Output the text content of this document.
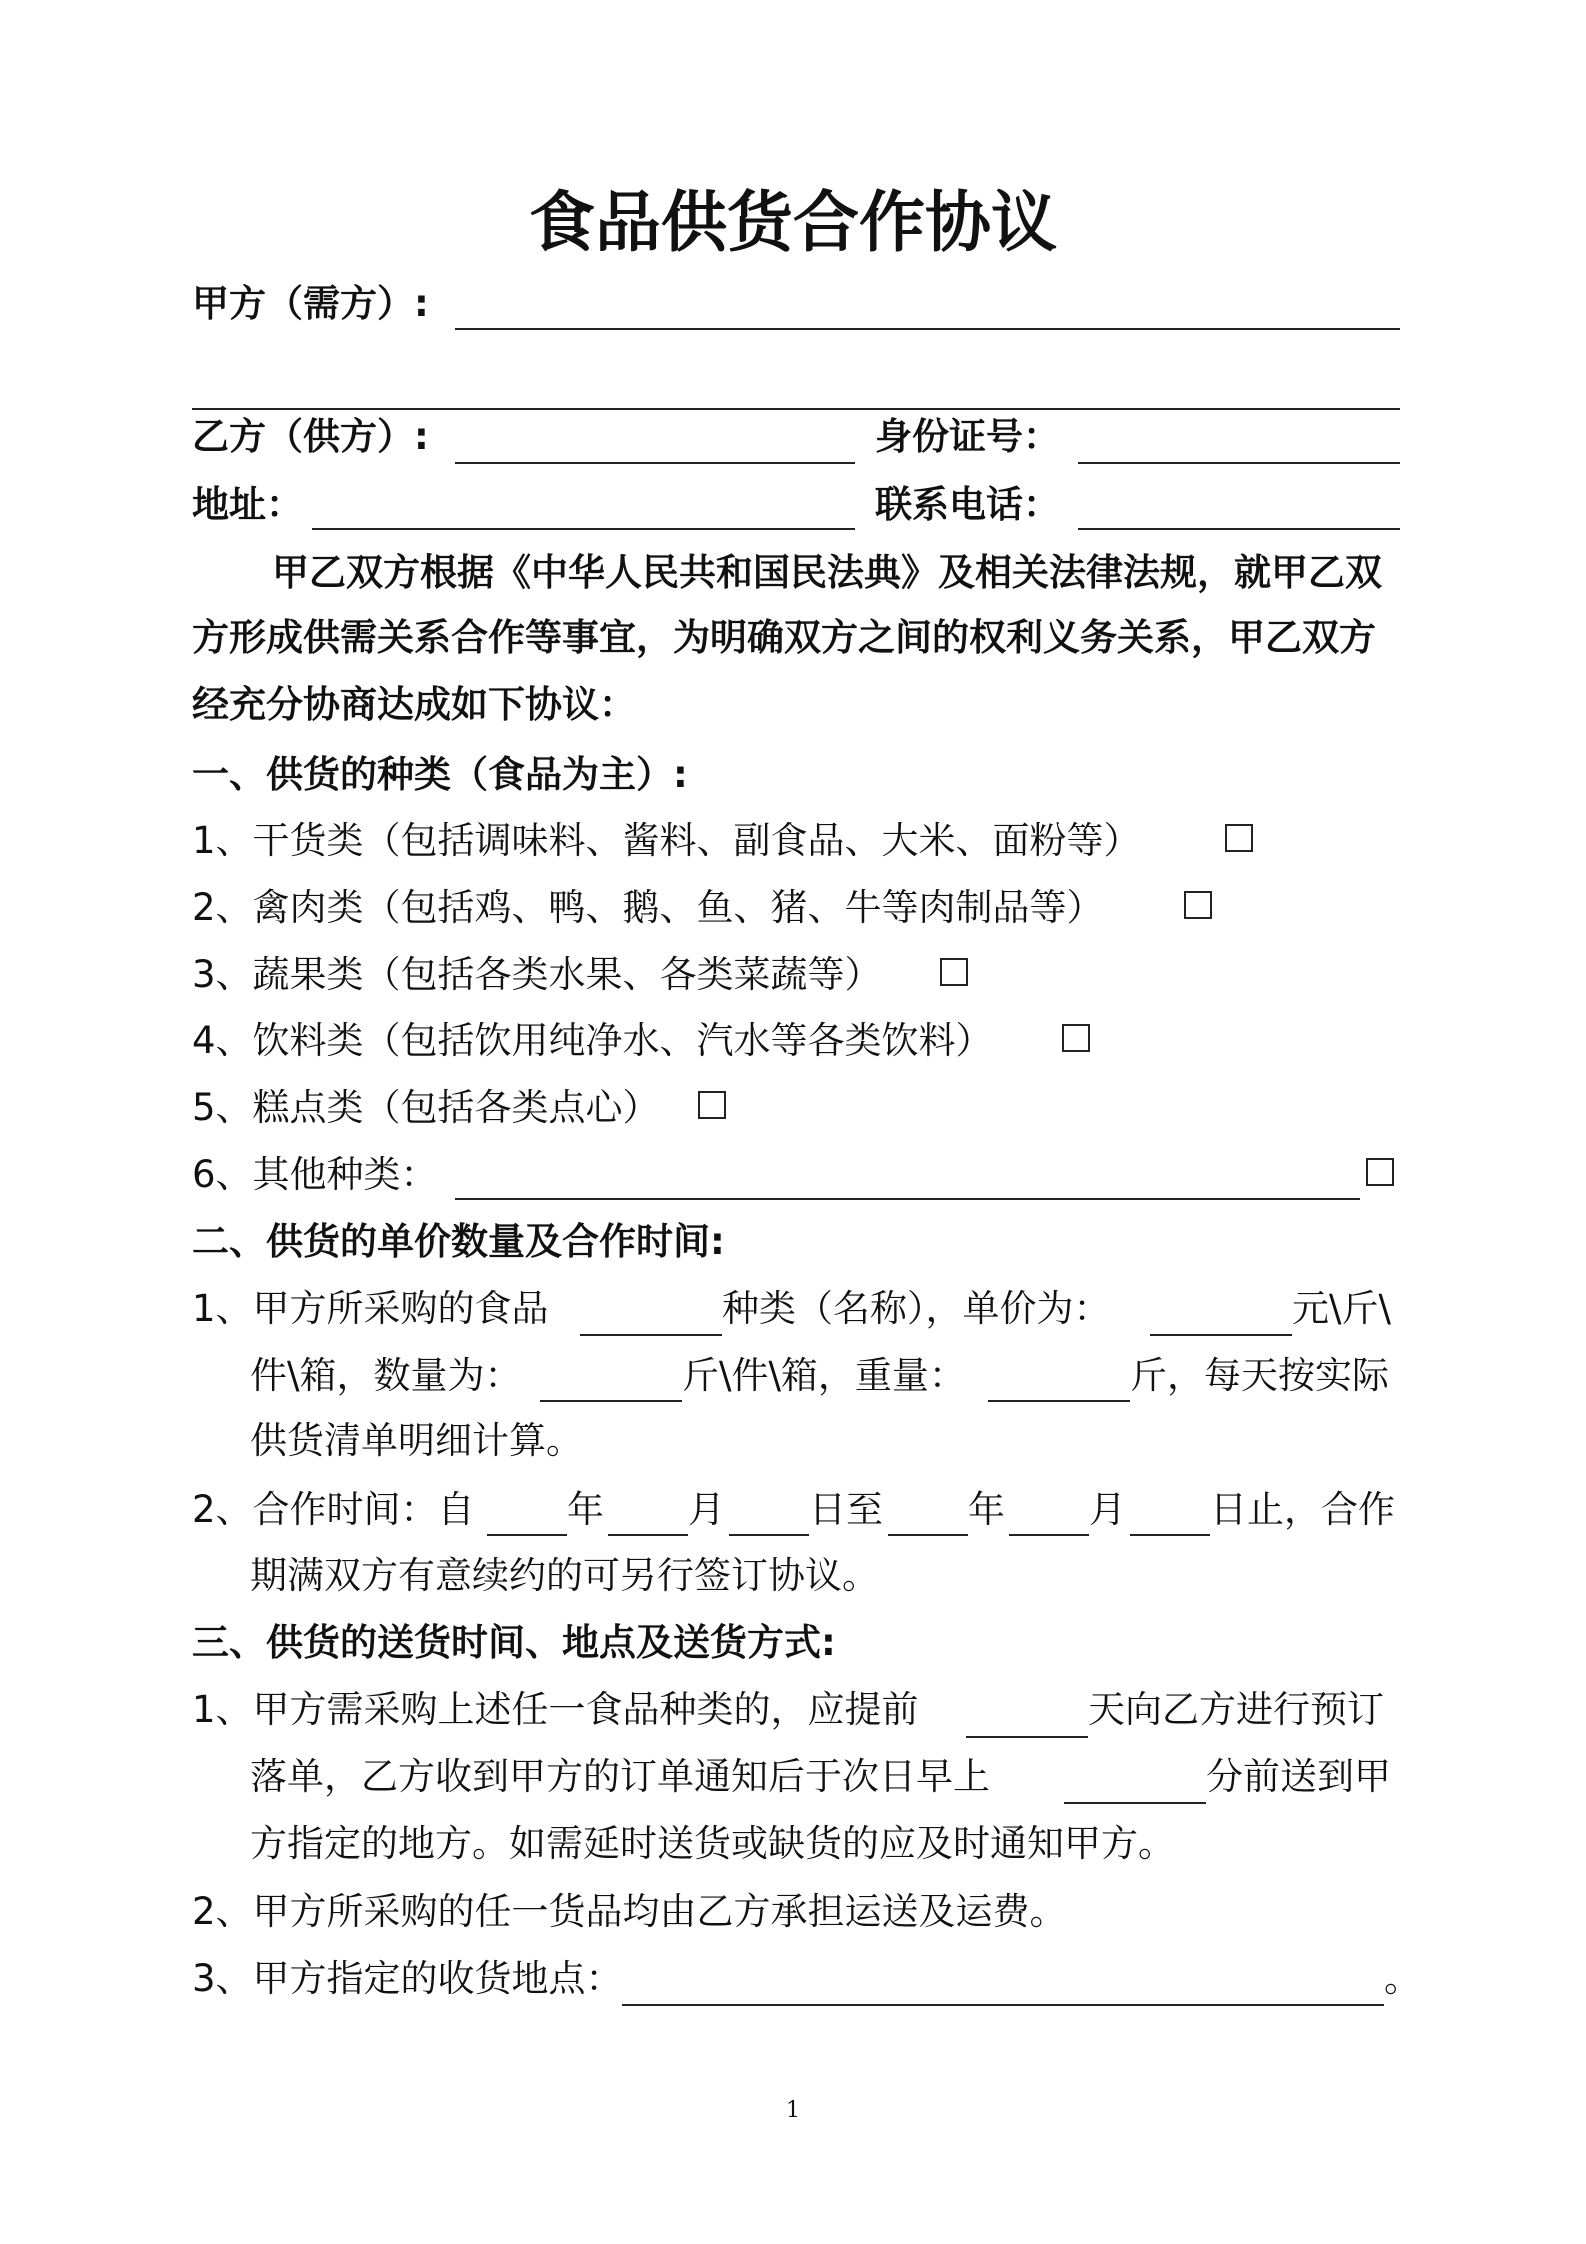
食品供货合作协议
甲方（需方）:
乙方（供方）:	身份证号：
地址：	联系电话：
甲乙双方根据《中华人民共和国民法典》及相关法律法规，就甲乙双
方形成供需关系合作等事宜，为明确双方之间的权利义务关系，甲乙双方
经充分协商达成如下协议：
一、供货的种类（食品为主）:
1、干货类（包括调味料、酱料、副食品、大米、面粉等）
2、禽肉类（包括鸡、鸭、鹅、鱼、猪、牛等肉制品等）
3、蔬果类（包括各类水果、各类菜蔬等）
4、饮料类（包括饮用纯净水、汽水等各类饮料）
5、糕点类（包括各类点心）
6、其他种类：
二、供货的单价数量及合作时间:
1、甲方所采购的食品	种类（名称），单价为：	元\斤\
件\箱，数量为：	斤\件\箱，重量：	斤，每天按实际
供货清单明细计算。
2、合作时间：自 年 月 日至 年 月 日止，合作
期满双方有意续约的可另行签订协议。
三、供货的送货时间、地点及送货方式:
1、甲方需采购上述任一食品种类的，应提前	天向乙方进行预订
落单，乙方收到甲方的订单通知后于次日早上	分前送到甲
方指定的地方。如需延时送货或缺货的应及时通知甲方。
2、甲方所采购的任一货品均由乙方承担运送及运费。
3、甲方指定的收货地点：	。
1
